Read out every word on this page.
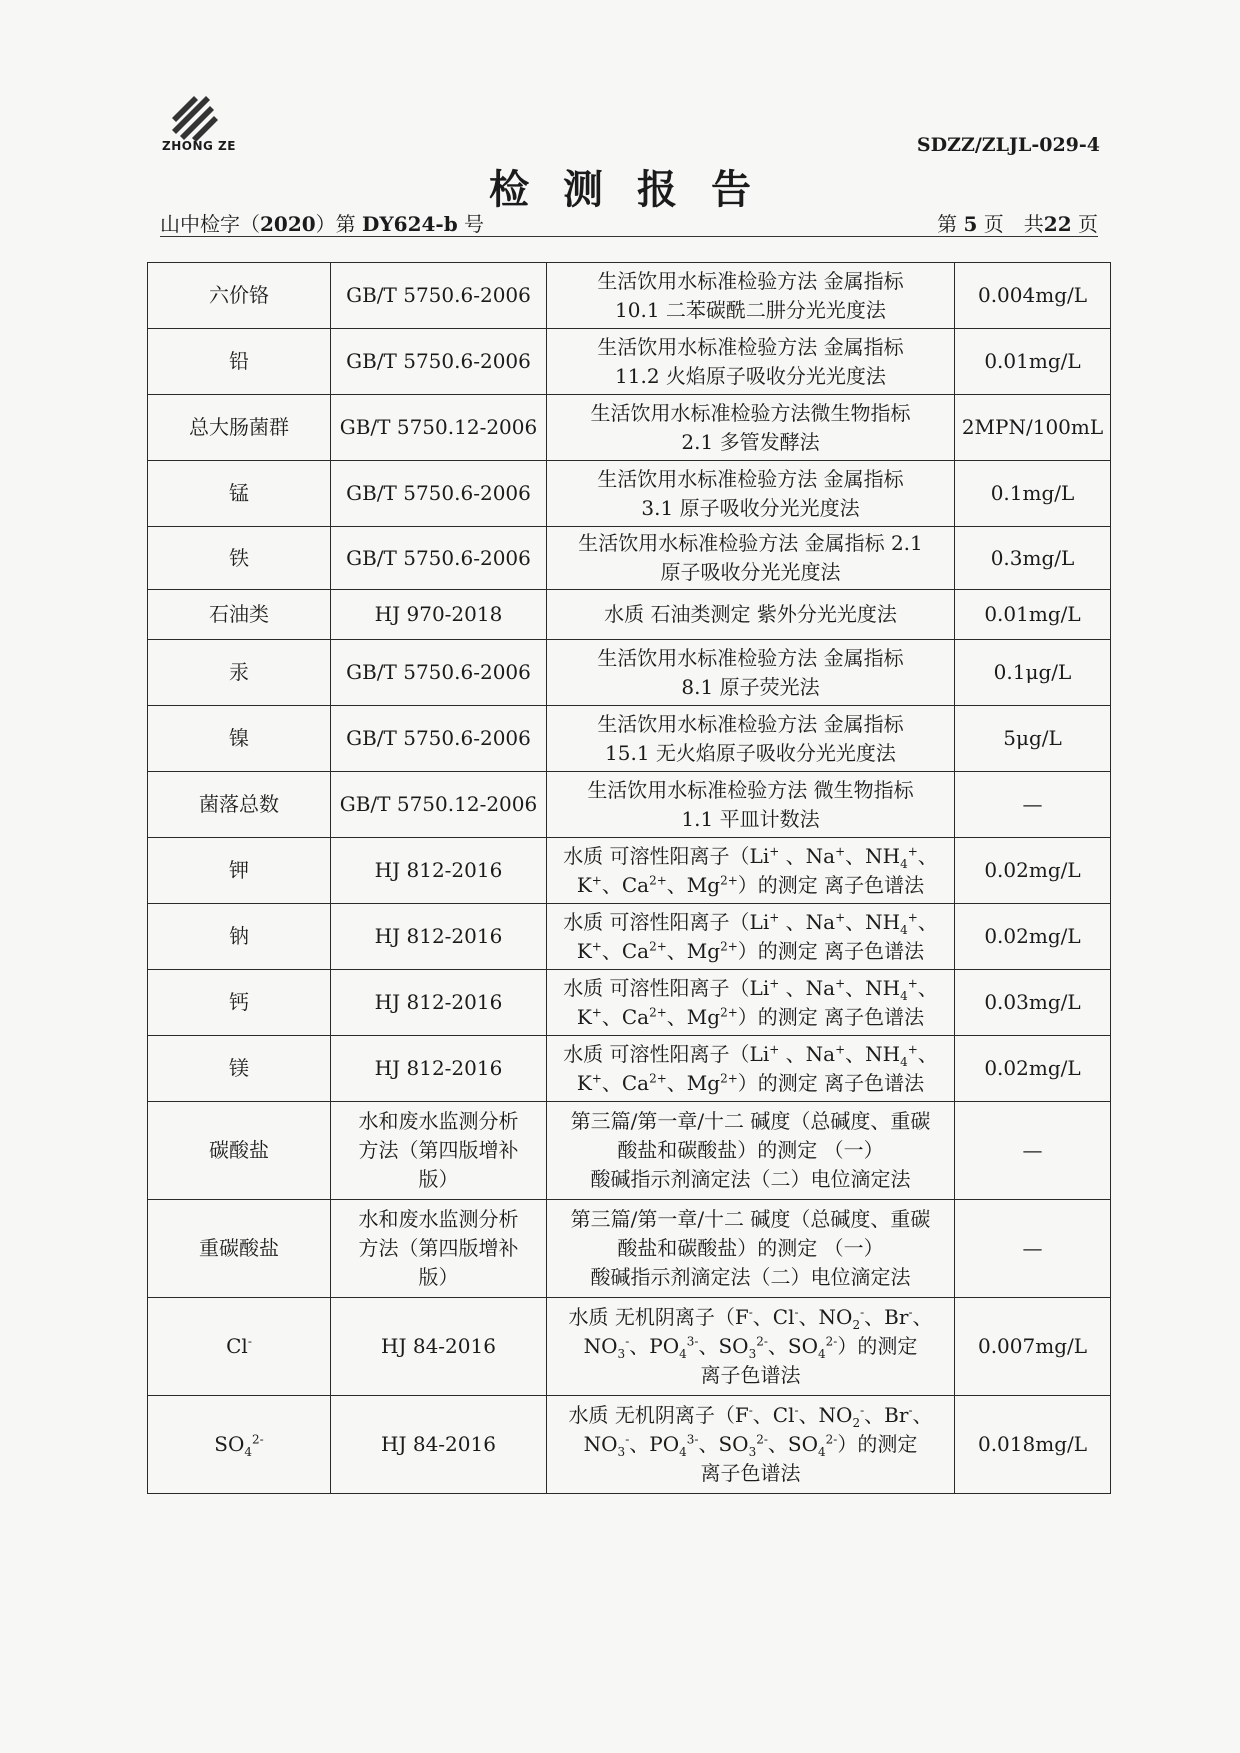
ZHONG ZE	SDZZ/ZLJL-029-4
检测报告
山中检字（2020）第 DY624-b 号	第 5 页　共22 页
六价铬	GB/T 5750.6-2006	生活饮用水标准检验方法 金属指标
10.1 二苯碳酰二肼分光光度法	0.004mg/L
铅	GB/T 5750.6-2006	生活饮用水标准检验方法 金属指标
11.2 火焰原子吸收分光光度法	0.01mg/L
总大肠菌群	GB/T 5750.12-2006	生活饮用水标准检验方法微生物指标
2.1 多管发酵法	2MPN/100mL
锰	GB/T 5750.6-2006	生活饮用水标准检验方法 金属指标
3.1 原子吸收分光光度法	0.1mg/L
铁	GB/T 5750.6-2006	生活饮用水标准检验方法 金属指标 2.1
原子吸收分光光度法	0.3mg/L
石油类	HJ 970-2018	水质 石油类测定 紫外分光光度法	0.01mg/L
汞	GB/T 5750.6-2006	生活饮用水标准检验方法 金属指标
8.1 原子荧光法	0.1μg/L
镍	GB/T 5750.6-2006	生活饮用水标准检验方法 金属指标
15.1 无火焰原子吸收分光光度法	5μg/L
菌落总数	GB/T 5750.12-2006	生活饮用水标准检验方法 微生物指标
1.1 平皿计数法	—
钾	HJ 812-2016	水质 可溶性阳离子（Li+ 、Na+、$NH_4^+$、
K+、$Ca^{2+}$、$Mg^{2+}$）的测定 离子色谱法	0.02mg/L
钠	HJ 812-2016	水质 可溶性阳离子（Li+ 、Na+、$NH_4^+$、
K+、$Ca^{2+}$、$Mg^{2+}$）的测定 离子色谱法	0.02mg/L
钙	HJ 812-2016	水质 可溶性阳离子（Li+ 、Na+、$NH_4^+$、
K+、$Ca^{2+}$、$Mg^{2+}$）的测定 离子色谱法	0.03mg/L
镁	HJ 812-2016	水质 可溶性阳离子（Li+ 、Na+、$NH_4^+$、
K+、$Ca^{2+}$、$Mg^{2+}$）的测定 离子色谱法	0.02mg/L
碳酸盐	水和废水监测分析
方法（第四版增补
版）	第三篇/第一章/十二 碱度（总碱度、重碳
酸盐和碳酸盐）的测定 （一）
酸碱指示剂滴定法（二）电位滴定法	—
重碳酸盐	水和废水监测分析
方法（第四版增补
版）	第三篇/第一章/十二 碱度（总碱度、重碳
酸盐和碳酸盐）的测定 （一）
酸碱指示剂滴定法（二）电位滴定法	—
Cl-	HJ 84-2016	水质 无机阴离子（F-、Cl-、$NO_2^-$、Br-、
$NO_3^-$、$PO_4^{3-}$、$SO_3^{2-}$、$SO_4^{2-}$）的测定
离子色谱法	0.007mg/L
$SO_4^{2-}$	HJ 84-2016	水质 无机阴离子（F-、Cl-、$NO_2^-$、Br-、
$NO_3^-$、$PO_4^{3-}$、$SO_3^{2-}$、$SO_4^{2-}$）的测定
离子色谱法	0.018mg/L
